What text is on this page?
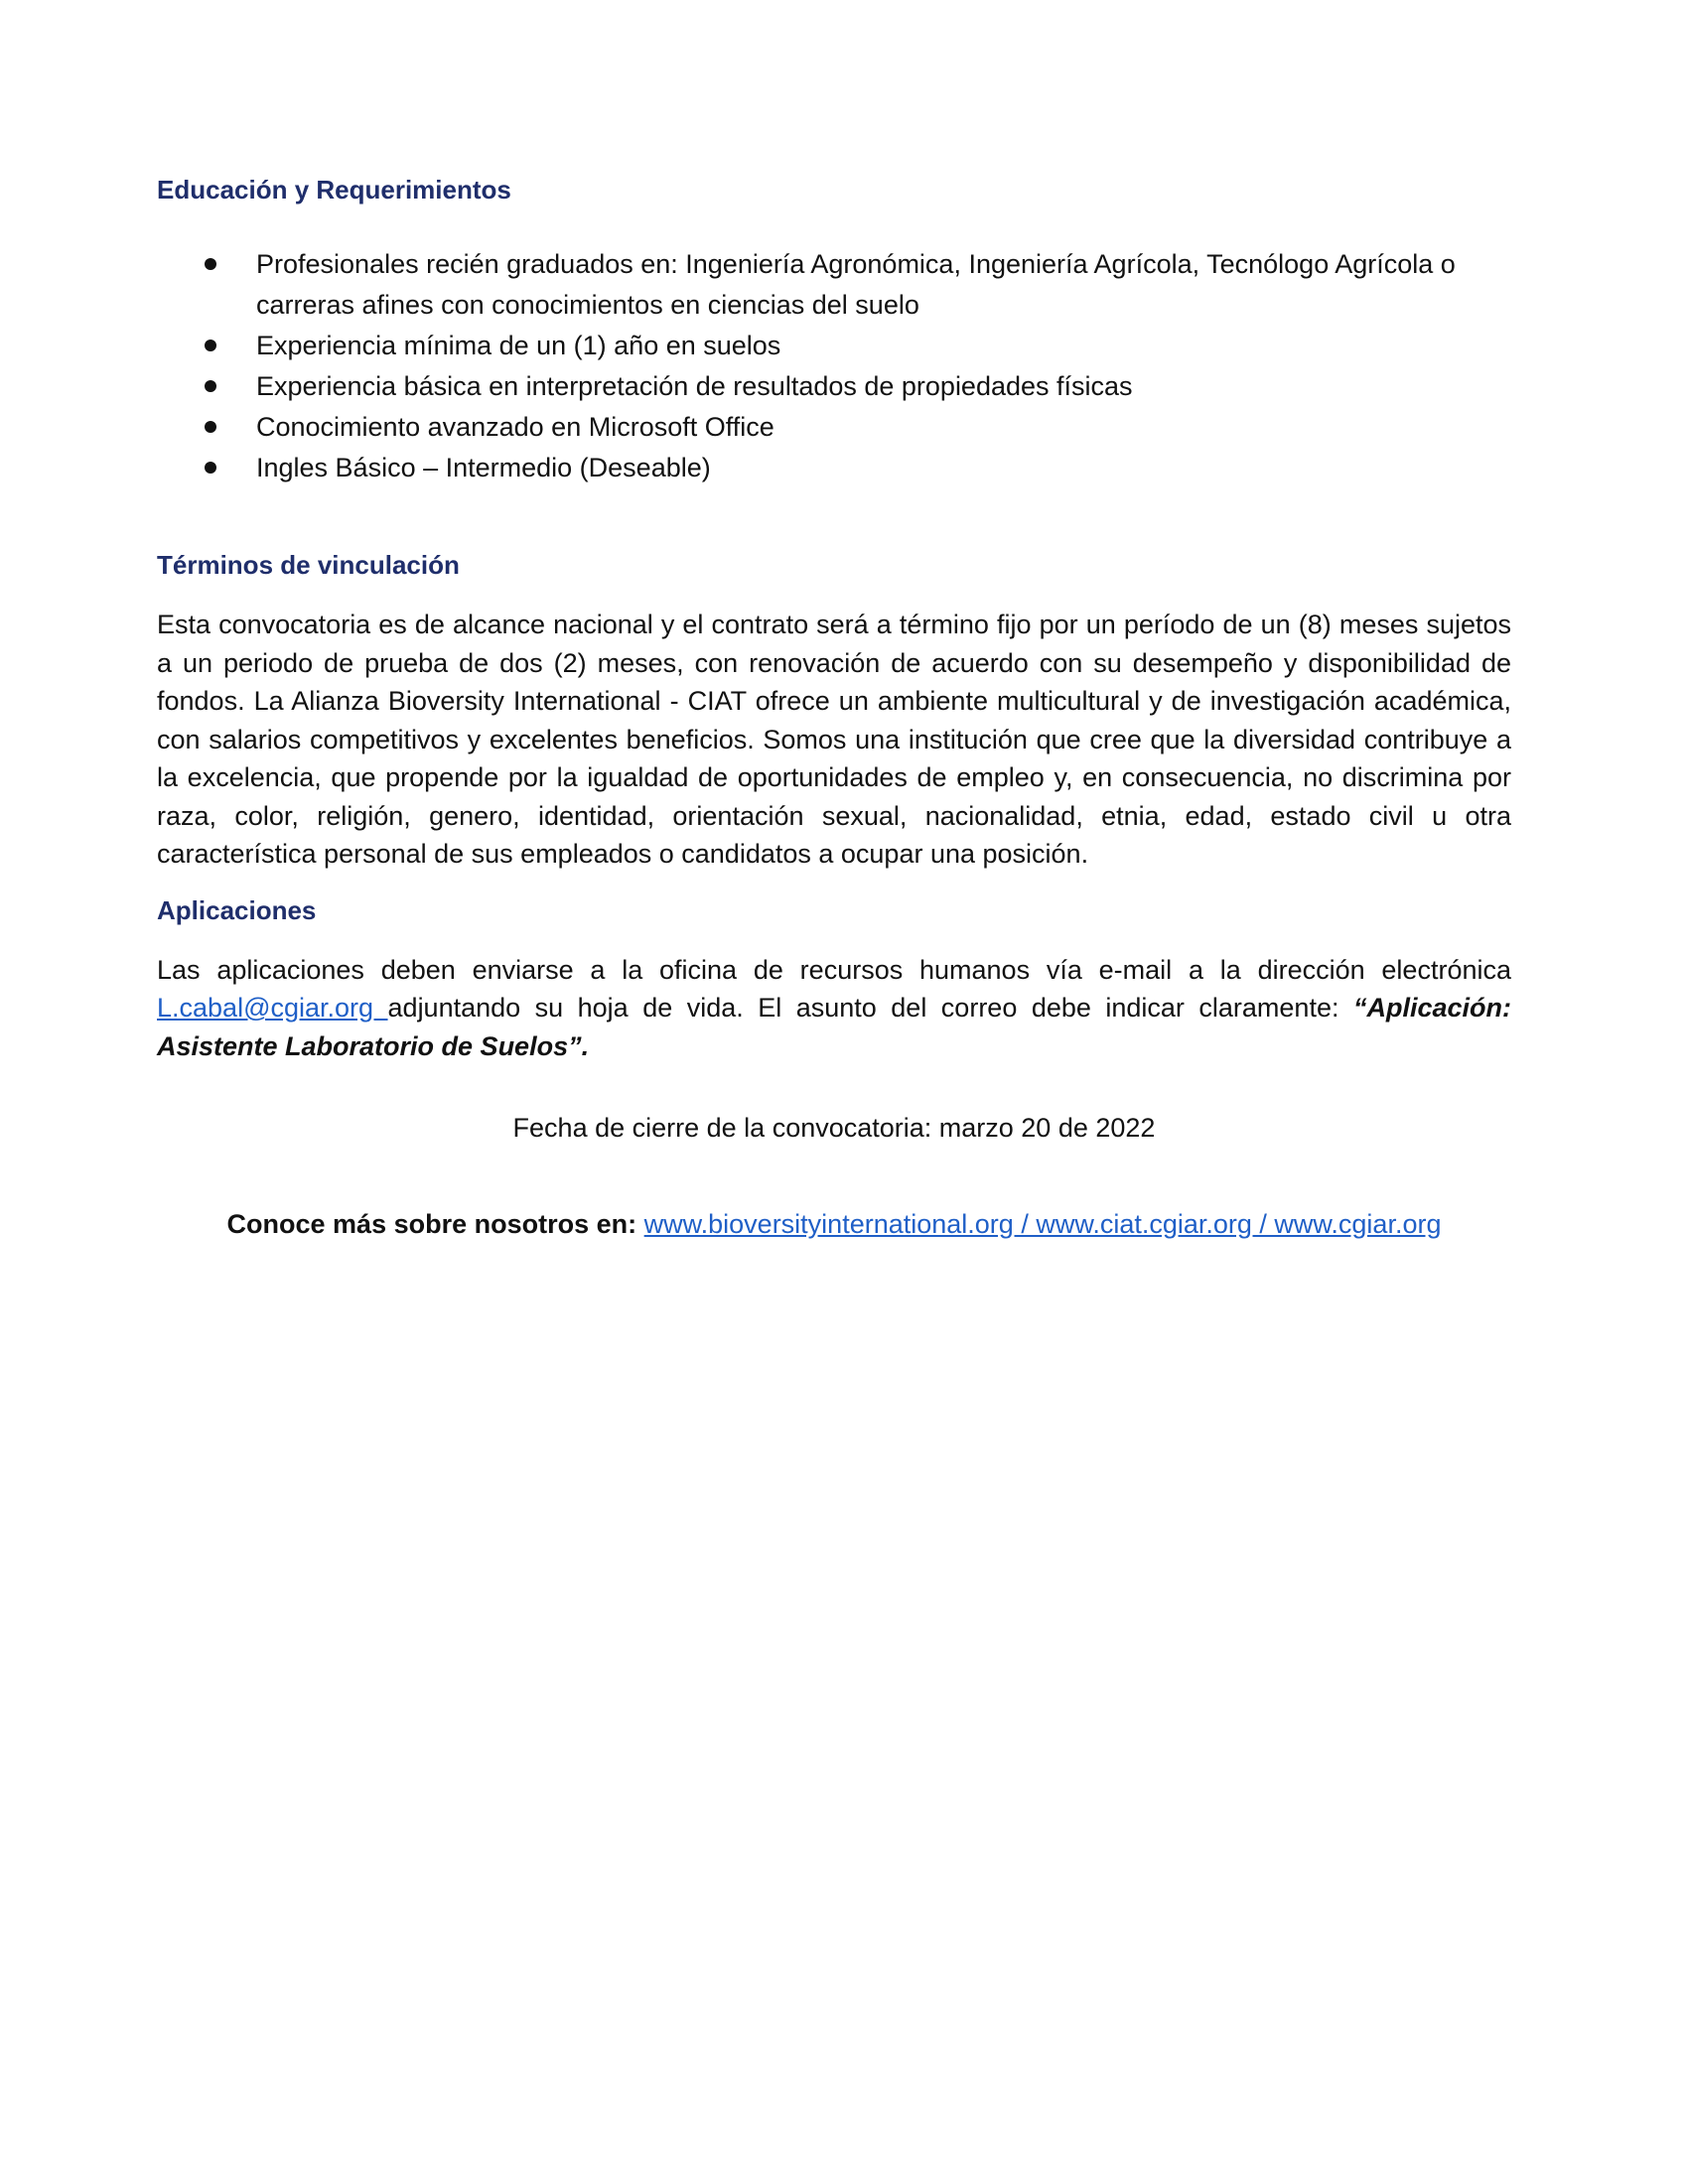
Educación y Requerimientos
Profesionales recién graduados en: Ingeniería Agronómica, Ingeniería Agrícola, Tecnólogo Agrícola o carreras afines con conocimientos en ciencias del suelo
Experiencia mínima de un (1) año en suelos
Experiencia básica en interpretación de resultados de propiedades físicas
Conocimiento avanzado en Microsoft Office
Ingles Básico – Intermedio (Deseable)
Términos de vinculación

Esta convocatoria es de alcance nacional y el contrato será a término fijo por un período de un (8) meses sujetos a un periodo de prueba de dos (2) meses, con renovación de acuerdo con su desempeño y disponibilidad de fondos. La Alianza Bioversity International - CIAT ofrece un ambiente multicultural y de investigación académica, con salarios competitivos y excelentes beneficios. Somos una institución que cree que la diversidad contribuye a la excelencia, que propende por la igualdad de oportunidades de empleo y, en consecuencia, no discrimina por raza, color, religión, genero, identidad, orientación sexual, nacionalidad, etnia, edad, estado civil u otra característica personal de sus empleados o candidatos a ocupar una posición.

Aplicaciones

Las aplicaciones deben enviarse a la oficina de recursos humanos vía e-mail a la dirección electrónica L.cabal@cgiar.org adjuntando su hoja de vida. El asunto del correo debe indicar claramente: “Aplicación: Asistente Laboratorio de Suelos”.

Fecha de cierre de la convocatoria: marzo 20 de 2022

Conoce más sobre nosotros en: www.bioversityinternational.org / www.ciat.cgiar.org / www.cgiar.org
